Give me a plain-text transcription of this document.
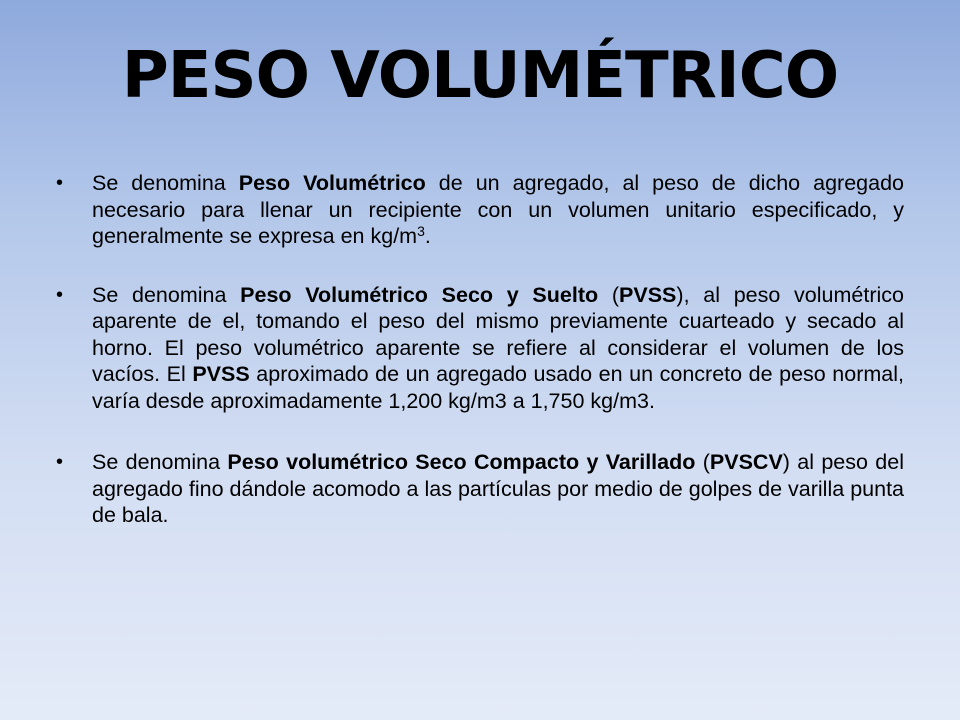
PESO VOLUMÉTRICO
• Se denomina Peso Volumétrico de un agregado, al peso de dicho agregado necesario para llenar un recipiente con un volumen unitario especificado, y generalmente se expresa en $kg/m^3$.
• Se denomina Peso Volumétrico Seco y Suelto (PVSS), al peso volumétrico aparente de el, tomando el peso del mismo previamente cuarteado y secado al horno. El peso volumétrico aparente se refiere al considerar el volumen de los vacíos. El PVSS aproximado de un agregado usado en un concreto de peso normal, varía desde aproximadamente 1,200 kg/m3 a 1,750 kg/m3.
• Se denomina Peso volumétrico Seco Compacto y Varillado (PVSCV) al peso del agregado fino dándole acomodo a las partículas por medio de golpes de varilla punta de bala.
